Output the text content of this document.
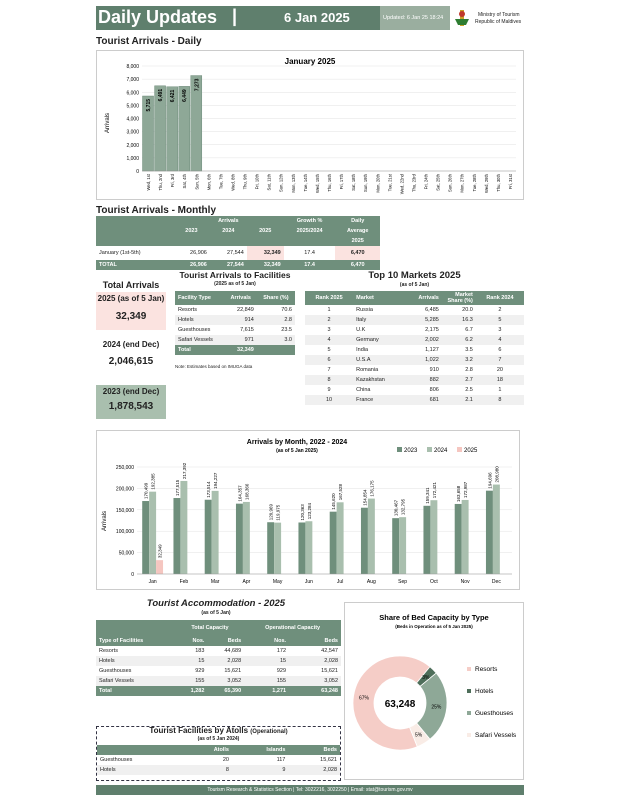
Daily Updates |	6 Jan 2025	Updated: 6 Jan 25 18:24	Ministry of Tourism
Republic of Maldives
Tourist Arrivals - Daily
January 2025
Arrivals
0
1,000
2,000
3,000
4,000
5,000
6,000
7,000
8,000
Wed, 1st
5,715
Thu, 2nd
6,491
Fri, 3rd
6,421
Sat, 4th
6,449
Sun, 5th
7,273
Mon, 6th Tue, 7th Wed, 8th Thu, 9th Fri, 10th Sat, 11th Sun, 12th Mon, 13th Tue, 14th Wed, 15th Thu, 16th Fri, 17th Sat, 18th Sun, 19th Mon, 20th Tue, 21st Wed, 22nd Thu, 23rd Fri, 24th Sat, 25th Sun, 26th Mon, 27th Tue, 28th Wed, 29th Thu, 30th Fri, 31st
Tourist Arrivals - Monthly
	Arrivals			Growth %	Daily
	2023	2024	2025	2025/2024	Average
					2025
January (1st-5th)	26,906	27,544	32,349	17.4	6,470
TOTAL	26,906	27,544	32,349	17.4	6,470
Total Arrivals
2025 (as of 5 Jan)
32,349
2024 (end Dec)
2,046,615
2023 (end Dec)
1,878,543
Tourist Arrivals to Facilities
(2025 as of 5 Jan)
Facility Type	Arrivals	Share (%)
Resorts	22,849	70.6
Hotels	914	2.8
Guesthouses	7,615	23.5
Safari Vessels	971	3.0
Total	32,349	
Note: Estimates based on IMUGA data
Top 10 Markets 2025
(as of 5 Jan)
Rank 2025	Market	Arrivals	Market Share (%)	Rank 2024
1	Russia	6,485	20.0	2
2	Italy	5,285	16.3	5
3	U.K	2,175	6.7	3
4	Germany	2,002	6.2	4
5	India	1,127	3.5	6
6	U.S.A	1,022	3.2	7
7	Romania	910	2.8	20
8	Kazakhstan	882	2.7	18
9	China	806	2.5	1
10	France	681	2.1	8
Arrivals by Month, 2022 - 2024
(as of 5 Jan 2025)	2023	2024	2025
Arrivals
0
50,000
100,000
150,000
200,000
250,000
Jan
170,499
192,385
32,349
Feb
177,515
217,392
Mar
173,514
194,227
Apr
164,357 168,366
May
120,969 119,975
Jun
120,363 123,284
Jul
145,620
167,528
Aug
154,854
176,175
Sep
130,467 132,795
Oct
159,341 172,421
Nov
163,658 172,987
Dec
194,696 208,980
Tourist Accommodation - 2025
(as of 5 Jan)
	Total Capacity		Operational Capacity	
Type of Facilities	Nos.	Beds	Nos.	Beds
Resorts	183	44,689	172	42,547
Hotels	15	2,028	15	2,028
Guesthouses	929	15,621	929	15,621
Safari Vessels	155	3,052	155	3,052
Total	1,282	65,390	1,271	63,248
Tourist Facilities by Atolls (Operational)
(as of 5 Jan 2024)
	Atolls	Islands	Beds
Guesthouses	20	117	15,621
Hotels	8	9	2,028
Share of Bed Capacity by Type
(Beds in Operation as of 5 Jan 2025)
67%
Resorts
3%
Hotels
25%
Guesthouses
5%	Safari Vessels
63,248
Tourism Research & Statistics Section | Tel: 3022216, 3022250 | Email: stat@tourism.gov.mv
